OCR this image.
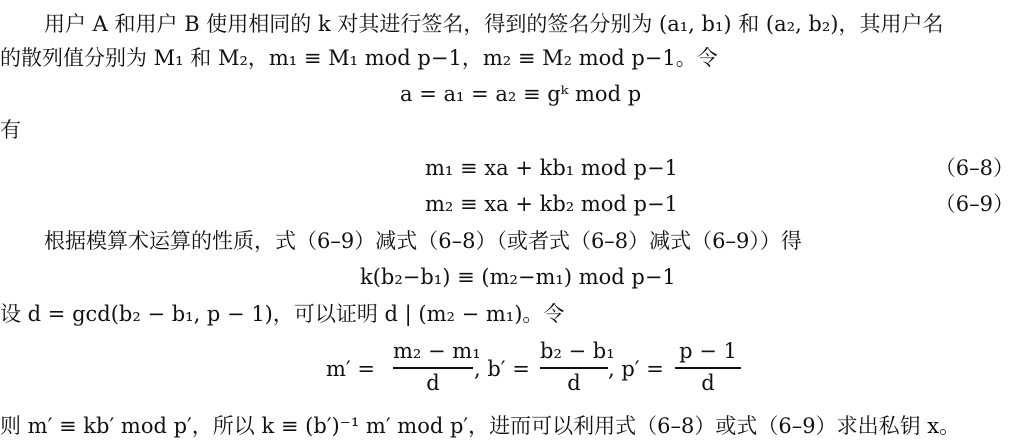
用户 A 和用户 B 使用相同的 k 对其进行签名，得到的签名分别为 (a₁, b₁) 和 (a₂, b₂)，其用户名
的散列值分别为 M₁ 和 M₂，m₁ ≡ M₁ mod p−1，m₂ ≡ M₂ mod p−1。令
a = a₁ = a₂ ≡ gᵏ mod p
有
m₁ ≡ xa + kb₁ mod p−1	（6–8）
m₂ ≡ xa + kb₂ mod p−1	（6–9）
根据模算术运算的性质，式（6–9）减式（6–8）（或者式（6–8）减式（6–9））得
k(b₂−b₁) ≡ (m₂−m₁) mod p−1
设 d = gcd(b₂ − b₁, p − 1)，可以证明 d | (m₂ − m₁)。令
m′ =
m₂ − m₁
d
, b′ =
b₂ − b₁
d
, p′ =
p − 1
d
则 m′ ≡ kb′ mod p′，所以 k ≡ (b′)⁻¹ m′ mod p′，进而可以利用式（6–8）或式（6–9）求出私钥 x。
